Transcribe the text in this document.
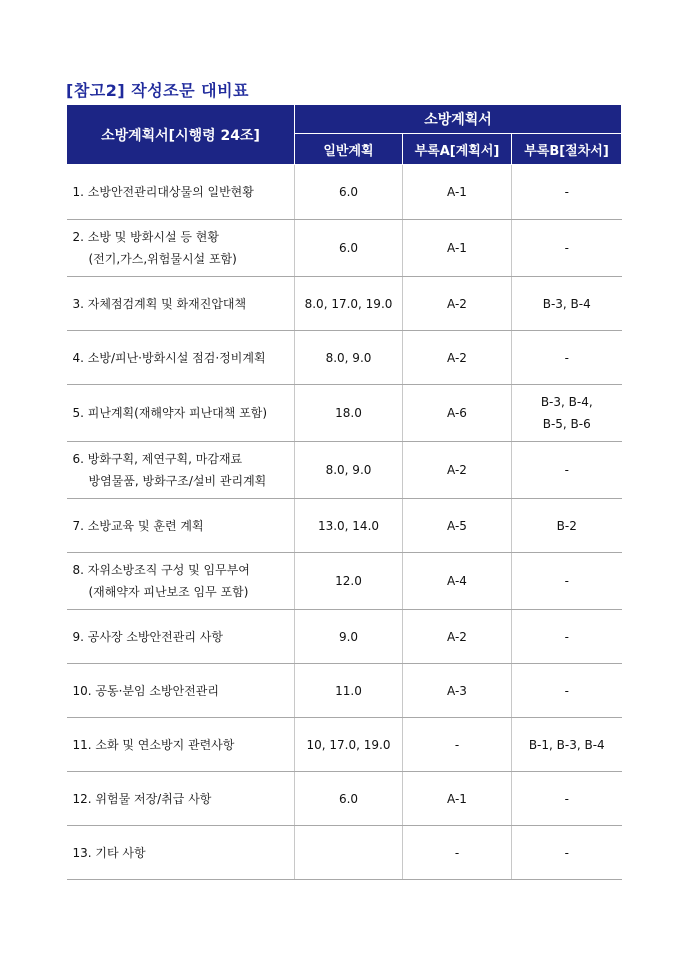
[참고2] 작성조문 대비표
소방계획서[시행령 24조]	소방계획서		
	일반계획	부록A[계획서]	부록B[절차서]

1. 소방안전관리대상물의 일반현황	6.0	A-1	-

2. 소방 및 방화시설 등 현황
(전기,가스,위험물시설 포함)	6.0	A-1	-

3. 자체점검계획 및 화재진압대책	8.0, 17.0, 19.0	A-2	B-3, B-4

4. 소방/피난·방화시설 점검·정비계획	8.0, 9.0	A-2	-

5. 피난계획(재해약자 피난대책 포함)	18.0	A-6	B-3, B-4,
B-5, B-6

6. 방화구획, 제연구획, 마감재료
방염물품, 방화구조/설비 관리계획	8.0, 9.0	A-2	-

7. 소방교육 및 훈련 계획	13.0, 14.0	A-5	B-2

8. 자위소방조직 구성 및 임무부여
(재해약자 피난보조 임무 포함)	12.0	A-4	-

9. 공사장 소방안전관리 사항	9.0	A-2	-

10. 공동·분임 소방안전관리	11.0	A-3	-

11. 소화 및 연소방지 관련사항	10, 17.0, 19.0	-	B-1, B-3, B-4

12. 위험물 저장/취급 사항	6.0	A-1	-

13. 기타 사항		-	-
